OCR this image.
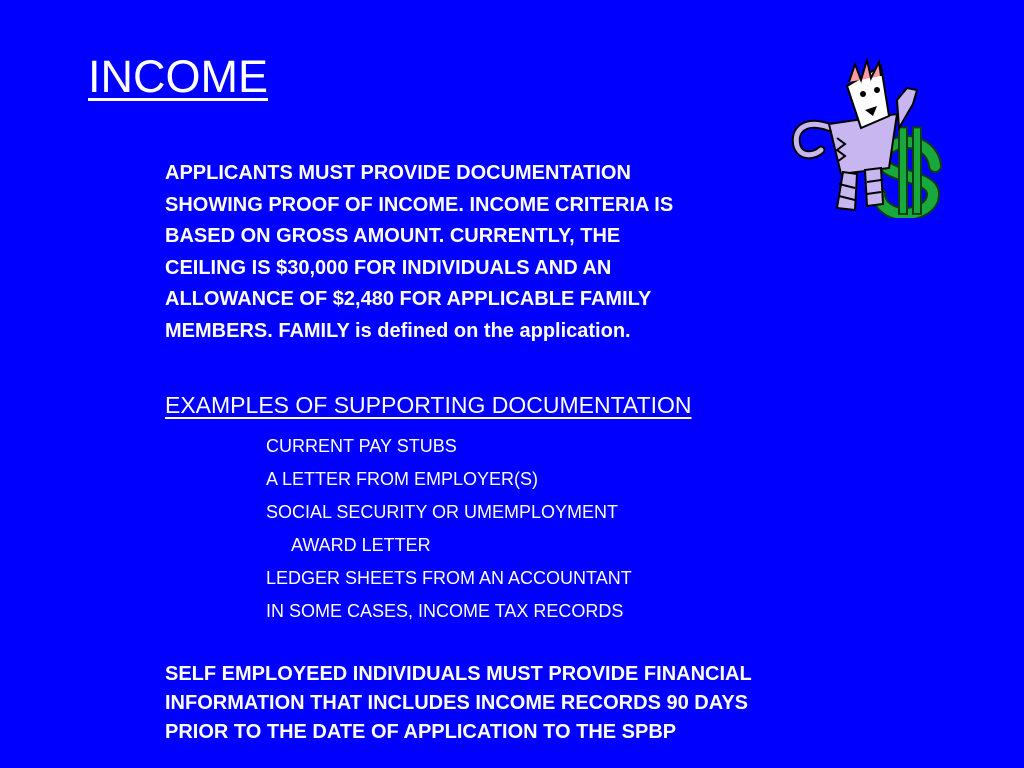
INCOME

APPLICANTS MUST PROVIDE DOCUMENTATION
SHOWING PROOF OF INCOME. INCOME CRITERIA IS
BASED ON GROSS AMOUNT. CURRENTLY, THE
CEILING IS $30,000 FOR INDIVIDUALS AND AN
ALLOWANCE OF $2,480 FOR APPLICABLE FAMILY
MEMBERS. FAMILY is defined on the application.

EXAMPLES OF SUPPORTING DOCUMENTATION
CURRENT PAY STUBS
A LETTER FROM EMPLOYER(S)
SOCIAL SECURITY OR UMEMPLOYMENT
AWARD LETTER
LEDGER SHEETS FROM AN ACCOUNTANT
IN SOME CASES, INCOME TAX RECORDS

SELF EMPLOYEED INDIVIDUALS MUST PROVIDE FINANCIAL
INFORMATION THAT INCLUDES INCOME RECORDS 90 DAYS
PRIOR TO THE DATE OF APPLICATION TO THE SPBP
